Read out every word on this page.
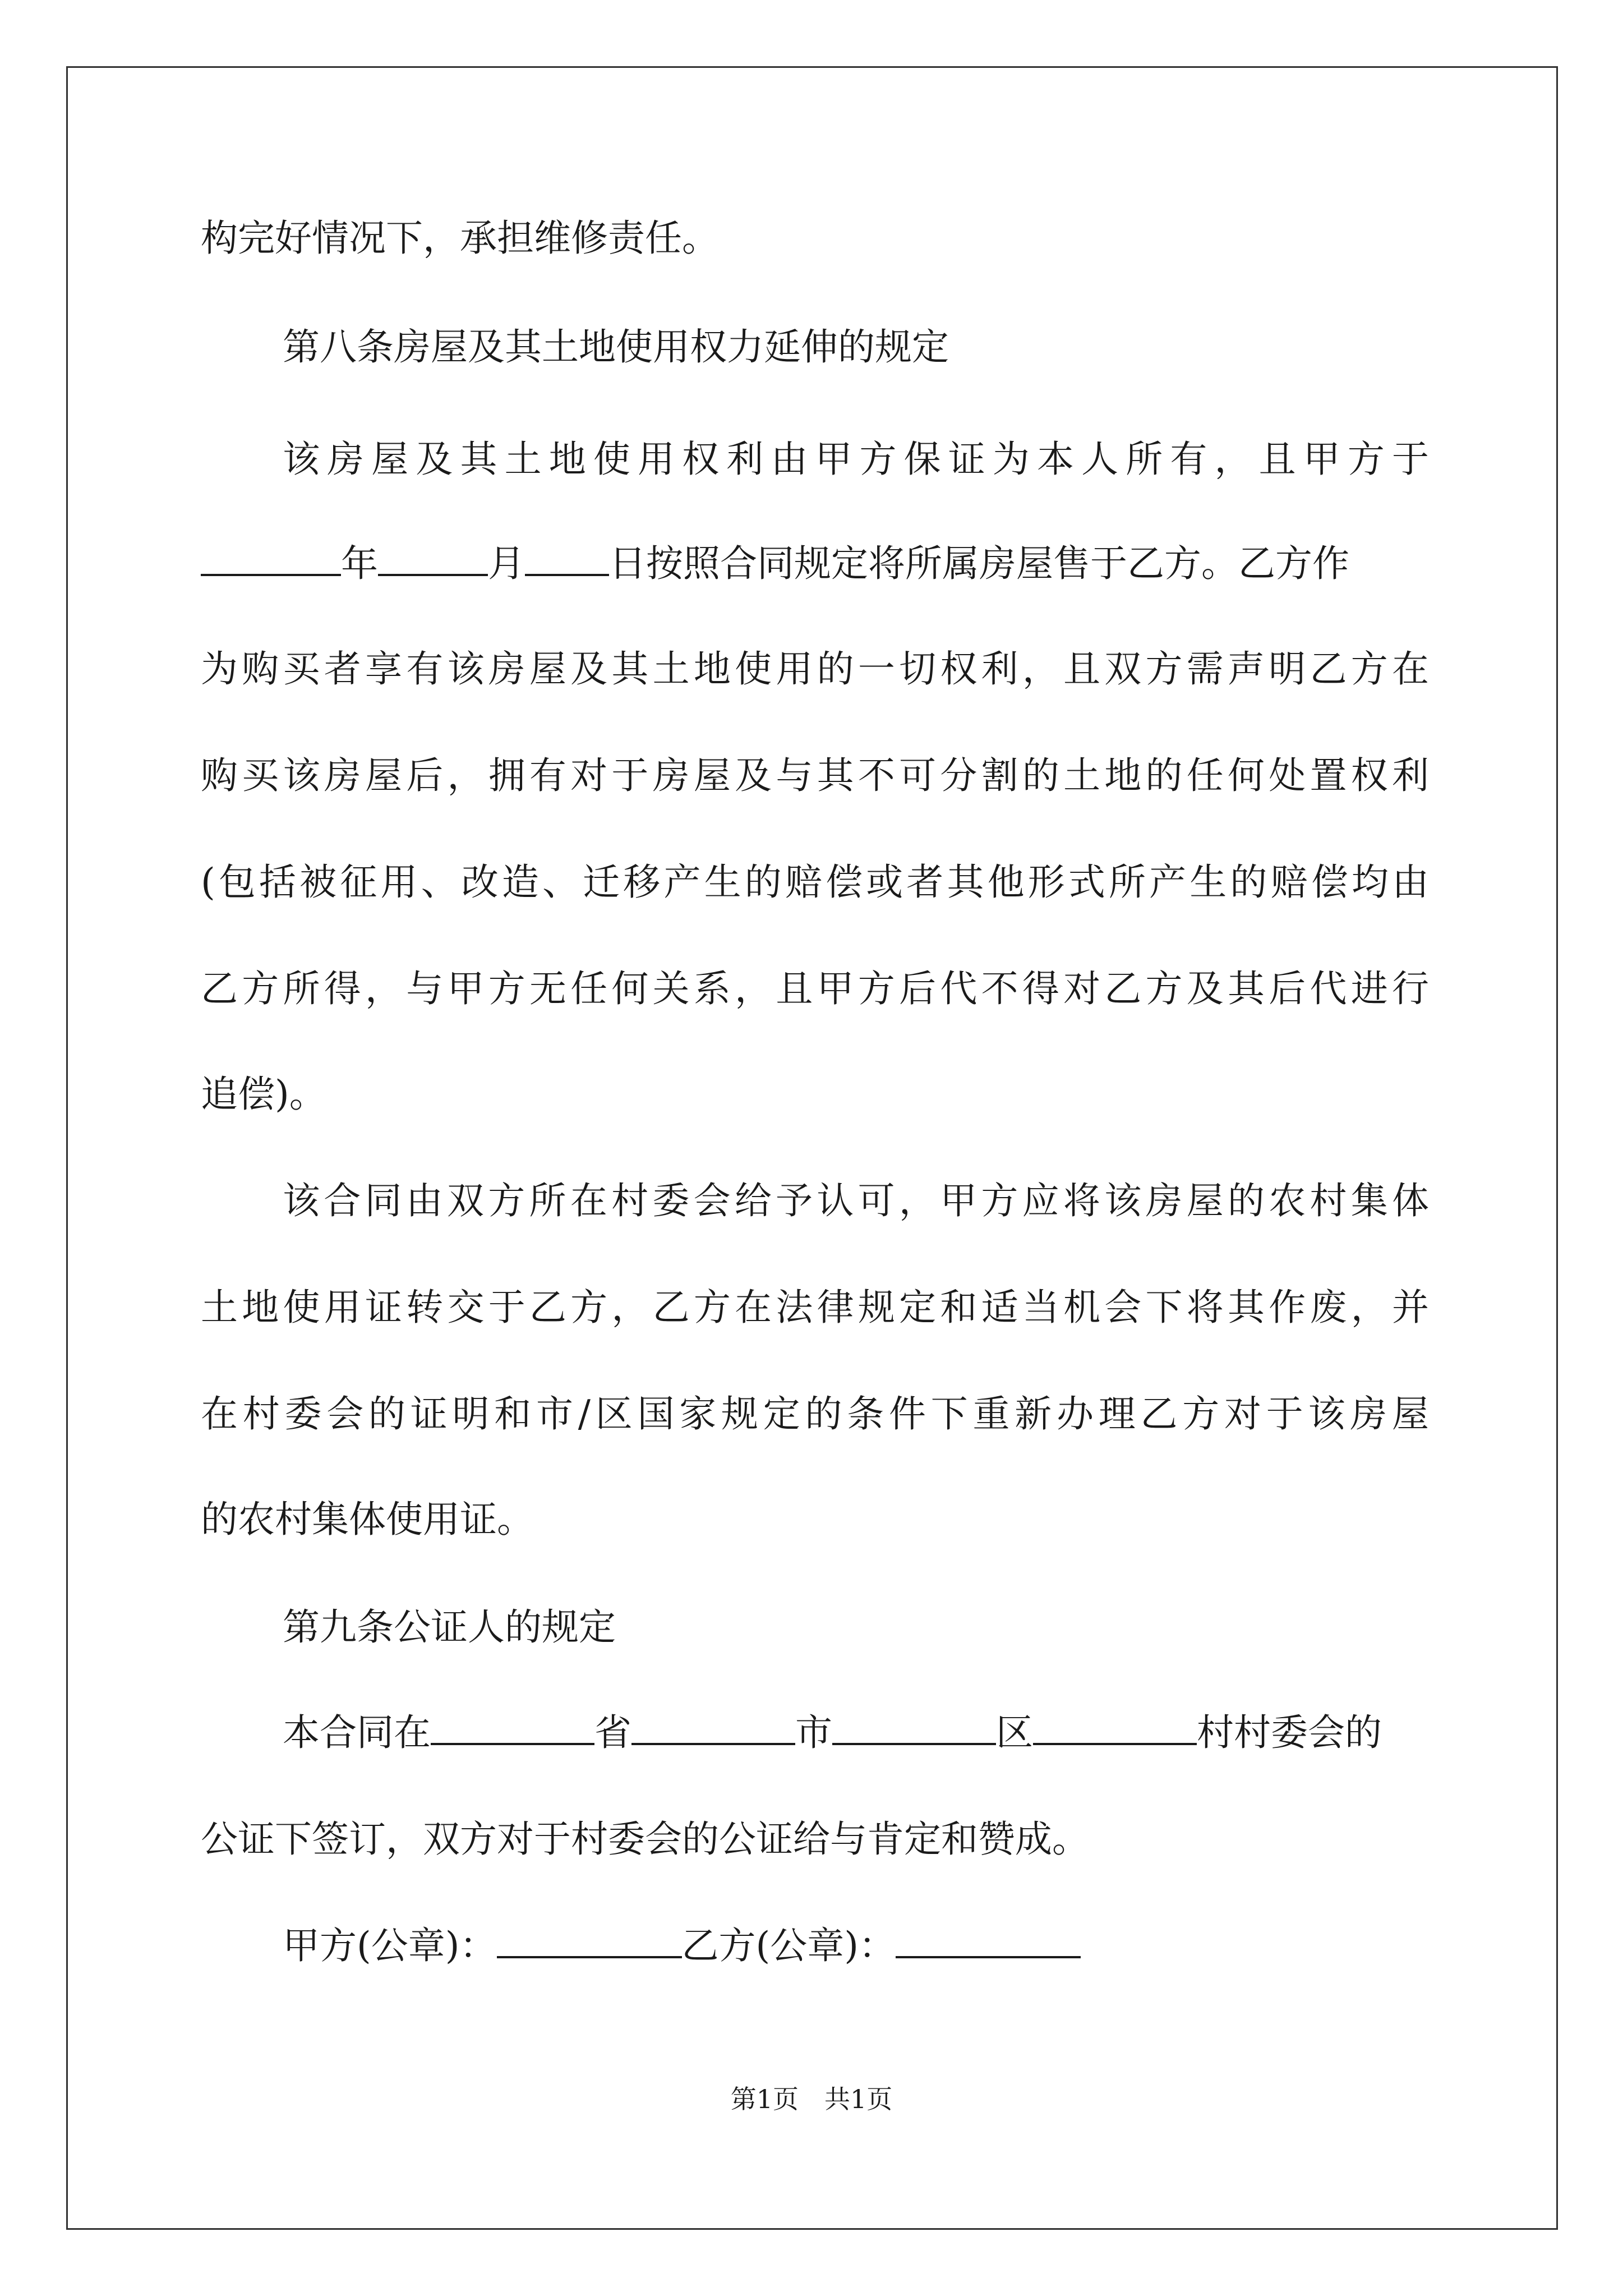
构完好情况下，承担维修责任。
第八条房屋及其土地使用权力延伸的规定
该房屋及其土地使用权利由甲方保证为本人所有，且甲方于
年	月 日按照合同规定将所属房屋售于乙方。乙方作
为购买者享有该房屋及其土地使用的一切权利，且双方需声明乙方在
购买该房屋后，拥有对于房屋及与其不可分割的土地的任何处置权利
(包括被征用、改造、迁移产生的赔偿或者其他形式所产生的赔偿均由
乙方所得，与甲方无任何关系，且甲方后代不得对乙方及其后代进行
追偿)。
该合同由双方所在村委会给予认可，甲方应将该房屋的农村集体
土地使用证转交于乙方，乙方在法律规定和适当机会下将其作废，并
在村委会的证明和市/区国家规定的条件下重新办理乙方对于该房屋
的农村集体使用证。
第九条公证人的规定
本合同在	省	市	区	村村委会的
公证下签订，双方对于村委会的公证给与肯定和赞成。
甲方(公章)：	乙方(公章)：
第1页　共1页
